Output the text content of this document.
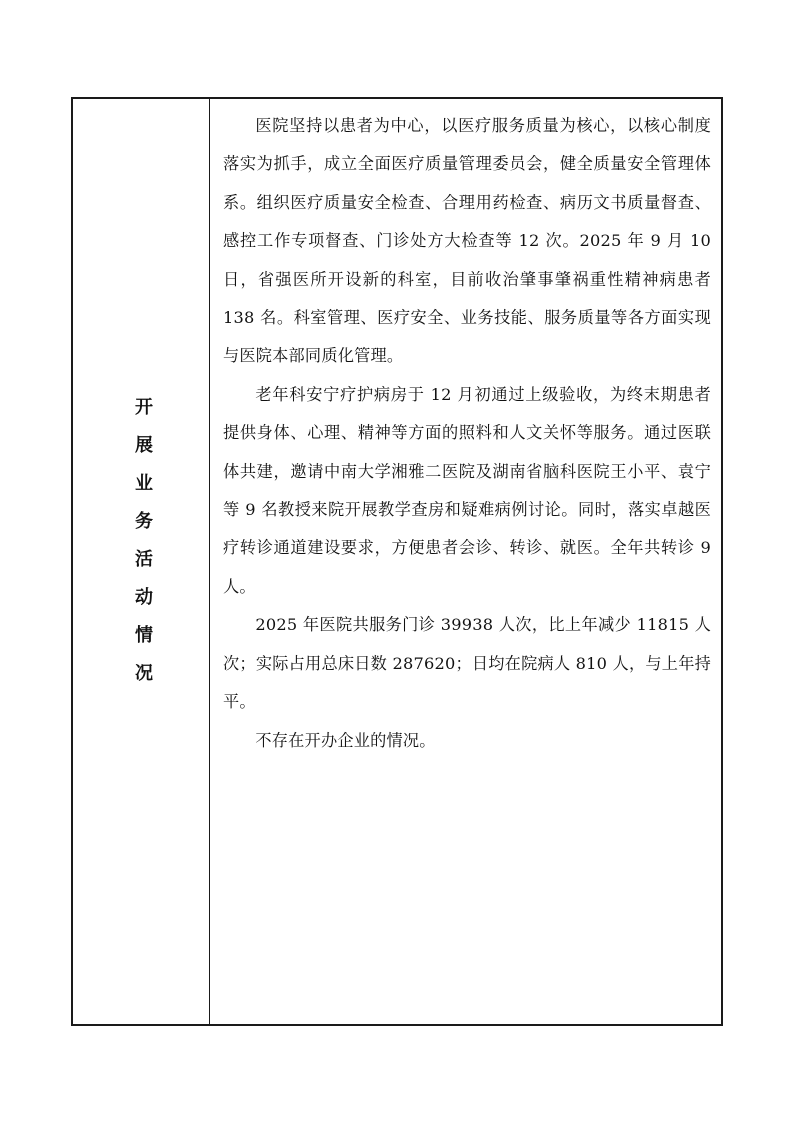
开展业务活动情况

医院坚持以患者为中心，以医疗服务质量为核心，以核心制度落实为抓手，成立全面医疗质量管理委员会，健全质量安全管理体系。组织医疗质量安全检查、合理用药检查、病历文书质量督查、感控工作专项督查、门诊处方大检查等 12 次。2025 年 9 月 10 日，省强医所开设新的科室，目前收治肇事肇祸重性精神病患者 138 名。科室管理、医疗安全、业务技能、服务质量等各方面实现与医院本部同质化管理。

老年科安宁疗护病房于 12 月初通过上级验收，为终末期患者提供身体、心理、精神等方面的照料和人文关怀等服务。通过医联体共建，邀请中南大学湘雅二医院及湖南省脑科医院王小平、袁宁等 9 名教授来院开展教学查房和疑难病例讨论。同时，落实卓越医疗转诊通道建设要求，方便患者会诊、转诊、就医。全年共转诊 9 人。

2025 年医院共服务门诊 39938 人次，比上年减少 11815 人次；实际占用总床日数 287620；日均在院病人 810 人，与上年持平。

不存在开办企业的情况。
